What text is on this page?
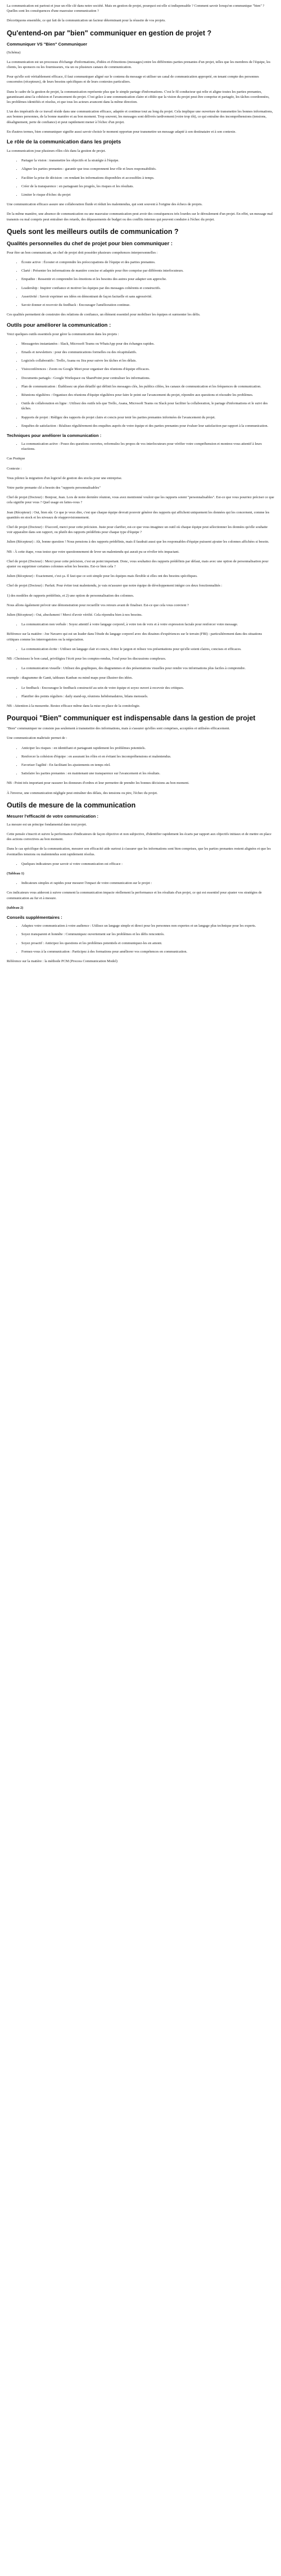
La communication est partout et joue un rôle clé dans notre société. Mais en gestion de projet, pourquoi est-elle si indispensable ? Comment savoir lorsqu'on communique "bien" ? Quelles sont les conséquences d'une mauvaise communication ?

Décortiquons ensemble, ce qui fait de la communication un facteur déterminant pour la réussite de vos projets.

Qu'entend-on par "bien" communiquer en gestion de projet ?
Communiquer VS "Bien" Communiquer

(Schéma)

La communication est un processus d'échange d'informations, d'idées et d'émotions (messages) entre les différentes parties prenantes d'un projet, telles que les membres de l'équipe, les clients, les sponsors ou les fournisseurs, via un ou plusieurs canaux de communication.

Pour qu'elle soit véritablement efficace, il faut communiquer aligné sur le contenu du message et utiliser un canal de communication approprié, en tenant compte des personnes concernées (récepteurs), de leurs besoins spécifiques et de leurs contextes particuliers.

Dans le cadre de la gestion de projet, la communication représente plus que le simple partage d'informations. C'est le fil conducteur qui relie et aligne toutes les parties prenantes, garantissant ainsi la cohésion et l'avancement du projet. C'est grâce à une communication claire et ciblée que la vision du projet peut être comprise et partagée, les tâches coordonnées, les problèmes identifiés et résolus, et que tous les acteurs avancent dans la même direction.

L'un des impératifs de ce travail réside dans une communication efficace, adaptée et continue tout au long du projet. Cela implique une ouverture de transmettre les bonnes informations, aux bonnes personnes, de la bonne manière et au bon moment. Trop souvent, les messages sont délivrés tardivement (voire trop tôt), ce qui entraîne des incompréhensions (tensions, désalignement, perte de confiance) et peut rapidement mener à l'échec d'un projet.

En d'autres termes, bien communiquer signifie aussi savoir choisir le moment opportun pour transmettre un message adapté à son destinataire et à son contexte.

Le rôle de la communication dans les projets

La communication joue plusieurs rôles clés dans la gestion de projet.

• Partager la vision : transmettre les objectifs et la stratégie à l'équipe.
• Aligner les parties prenantes : garantir que tous comprennent leur rôle et leurs responsabilités.
• Faciliter la prise de décision : en rendant les informations disponibles et accessibles à temps.
• Créer de la transparence : en partageant les progrès, les risques et les résultats.
• Limiter le risque d'échec du projet

Une communication efficace assure une collaboration fluide et réduit les malentendus, qui sont souvent à l'origine des échecs de projets.

De la même manière, une absence de communication ou une mauvaise communication peut avoir des conséquences très lourdes sur le déroulement d'un projet. En effet, un message mal transmis ou mal compris peut entraîner des retards, des dépassements de budget ou des conflits internes qui peuvent conduire à l'échec du projet.

Quels sont les meilleurs outils de communication ?
Qualités personnelles du chef de projet pour bien communiquer :

Pour être un bon communicant, un chef de projet doit posséder plusieurs compétences interpersonnelles :

• Écoute active : Écouter et comprendre les préoccupations de l'équipe et des parties prenantes.
• Clarté : Présenter les informations de manière concise et adaptée pour être comprise par différents interlocuteurs.
• Empathie : Ressentir et comprendre les émotions et les besoins des autres pour adapter son approche.
• Leadership : Inspirer confiance et motiver les équipes par des messages cohérents et constructifs.
• Assertivité : Savoir exprimer ses idées en démontrant de façon factuelle et sans agressivité.
• Savoir donner et recevoir du feedback : Encourager l'amélioration continue.

Ces qualités permettent de construire des relations de confiance, un élément essentiel pour mobiliser les équipes et surmonter les défis.

Outils pour améliorer la communication :

Voici quelques outils essentiels pour gérer la communication dans les projets :

• Messageries instantanées : Slack, Microsoft Teams ou WhatsApp pour des échanges rapides.
• Emails et newsletters : pour des communications formelles ou des récapitulatifs.
• Logiciels collaboratifs : Trello, Asana ou Jira pour suivre les tâches et les délais.
• Visioconférences : Zoom ou Google Meet pour organiser des réunions d'équipe efficaces.
• Documents partagés : Google Workspace ou SharePoint pour centraliser les informations.
• Plan de communication : Établissez un plan détaillé qui définit les messages clés, les publics cibles, les canaux de communication et les fréquences de communication.
• Réunions régulières : Organisez des réunions d'équipe régulières pour faire le point sur l'avancement du projet, répondre aux questions et résoudre les problèmes.
• Outils de collaboration en ligne : Utilisez des outils tels que Trello, Asana, Microsoft Teams ou Slack pour faciliter la collaboration, le partage d'informations et le suivi des tâches.
• Rapports de projet : Rédigez des rapports de projet clairs et concis pour tenir les parties prenantes informées de l'avancement du projet.
• Enquêtes de satisfaction : Réalisez régulièrement des enquêtes auprès de votre équipe et des parties prenantes pour évaluer leur satisfaction par rapport à la communication.
Techniques pour améliorer la communication :
• La communication active : Posez des questions ouvertes, reformulez les propos de vos interlocuteurs pour vérifier votre compréhension et montrez-vous attentif à leurs réactions.

Cas Pratique

Contexte :

Vous pilotez la migration d'un logiciel de gestion des stocks pour une entreprise.

Votre partie prenante clé a besoin des "rapports personnalisables"

Chef de projet (Docteur) : Bonjour, Jean. Lors de notre dernière réunion, vous avez mentionné vouloir que les rapports soient "personnalisables". Est-ce que vous pourriez préciser ce que cela signifie pour vous ? Quel usage en faites-vous ?

Jean (Récepteur) : Oui, bien sûr. Ce que je veux dire, c'est que chaque équipe devrait pouvoir générer des rapports qui affichent uniquement les données qui les concernent, comme les quantités en stock et les niveaux de réapprovisionnement.

Chef de projet (Docteur) : D'accord, merci pour cette précision. Juste pour clarifier, est-ce que vous imaginez un outil où chaque équipe peut sélectionner les données qu'elle souhaite voir apparaître dans son rapport, ou plutôt des rapports prédéfinis pour chaque type d'équipe ?

Julien (Récepteur) : Ah, bonne question ! Nous pensions à des rapports prédéfinis, mais il faudrait aussi que les responsables d'équipe puissent ajouter les colonnes affichées si besoin.

NB : À cette étape, vous testez que votre questionnement de lever un malentendu qui aurait pu se révéler très impactant.

Chef de projet (Docteur) : Merci pour cette précision, c'est un point important. Donc, vous souhaitez des rapports prédéfinis par défaut, mais avec une option de personnalisation pour ajuster ou supprimer certaines colonnes selon les besoins. Est-ce bien cela ?

Julien (Récepteur) : Exactement, c'est ça. Il faut que ce soit simple pour les équipes mais flexible si elles ont des besoins spécifiques.

Chef de projet (Docteur) : Parfait. Pour éviter tout malentendu, je vais m'assurer que notre équipe de développement intègre ces deux fonctionnalités :

1) des modèles de rapports prédéfinis, et 2) une option de personnalisation des colonnes.

Nous allons également prévoir une démonstration pour recueillir vos retours avant de finaliser. Est-ce que cela vous convient ?

Julien (Récepteur) : Oui, absolument ! Merci d'avoir vérifié. Cela répondra bien à nos besoins.

• La communication non verbale : Soyez attentif à votre langage corporel, à votre ton de voix et à votre expression faciale pour renforcer votre message.

Référence sur la matière : Joe Navarro qui est un leader dans l'étude du langage corporel avec des dizaines d'expériences sur le terrain (FBI) : particulièrement dans des situations critiques comme les interrogatoires ou la négociation.

• La communication écrite : Utilisez un langage clair et concis, évitez le jargon et relisez vos présentations pour qu'elle soient claires, concises et efficaces.

NB : Choisissez le bon canal, privilégiez l'écrit pour les comptes-rendus, l'oral pour les discussions complexes.

• La communication visuelle : Utilisez des graphiques, des diagrammes et des présentations visuelles pour rendre vos informations plus faciles à comprendre.

exemple : diagramme de Gantt, tableaux Kanban ou mind maps pour illustrer des idées.

• Le feedback : Encouragez le feedback constructif au sein de votre équipe et soyez ouvert à recevoir des critiques.
• Planifier des points réguliers : daily stand-up, réunions hebdomadaires, bilans mensuels.

NB : Attention à la mesurette. Restez efficace même dans la mise en place de la comitologie.

Pourquoi "Bien" communiquer est indispensable dans la gestion de projet

"Bien" communiquer ne consiste pas seulement à transmettre des informations, mais à s'assurer qu'elles sont comprises, acceptées et utilisées efficacement.

Une communication maîtrisée permet de :

• Anticiper les risques : en identifiant et partageant rapidement les problèmes potentiels.
• Renforcer la cohésion d'équipe : en assurant les rôles et en évitant les incompréhensions et malentendus.
• Favoriser l'agilité : En facilitant les ajustements en temps réel.
• Satisfaire les parties prenantes : en maintenant une transparence sur l'avancement et les résultats.

NB : Point très important pour rassurer les donneurs d'ordres et leur permettre de prendre les bonnes décisions au bon moment.

À l'inverse, une communication négligée peut entraîner des délais, des tensions ou pire, l'échec du projet.

Outils de mesure de la communication
Mesurer l'efficacité de votre communication :

La mesure est un principe fondamental dans tout projet.

Cette pensée s'inscrit et suivre la performance d'indicateurs de façon objective et non subjective, d'identifier rapidement les écarts par rapport aux objectifs initiaux et de mettre en place des actions correctives au bon moment.

Dans le cas spécifique de la communication, mesurer son efficacité aide surtout à s'assurer que les informations sont bien comprises, que les parties prenantes restent alignées et que les éventuelles tensions ou malentendus sont rapidement résolus.

• Quelques indicateurs pour savoir si votre communication est efficace :

(Tableau 1)

• Indicateurs simples et rapides pour mesurer l'impact de votre communication sur le projet :

Ces indicateurs vous aideront à suivre comment la communication impacte réellement la performance et les résultats d'un projet, ce qui est essentiel pour ajuster vos stratégies de communication au fur et à mesure.

(tableau 2)

Conseils supplémentaires :
• Adaptez votre communication à votre audience : Utilisez un langage simple et direct pour les personnes non expertes et un langage plus technique pour les experts.
• Soyez transparent et honnête : Communiquez ouvertement sur les problèmes et les défis rencontrés.
• Soyez proactif : Anticipez les questions et les problèmes potentiels et communiquez-les en amont.
• Formez-vous à la communication : Participez à des formations pour améliorer vos compétences en communication.

Référence sur la matière : la méthode PCM (Process Communication Model)
